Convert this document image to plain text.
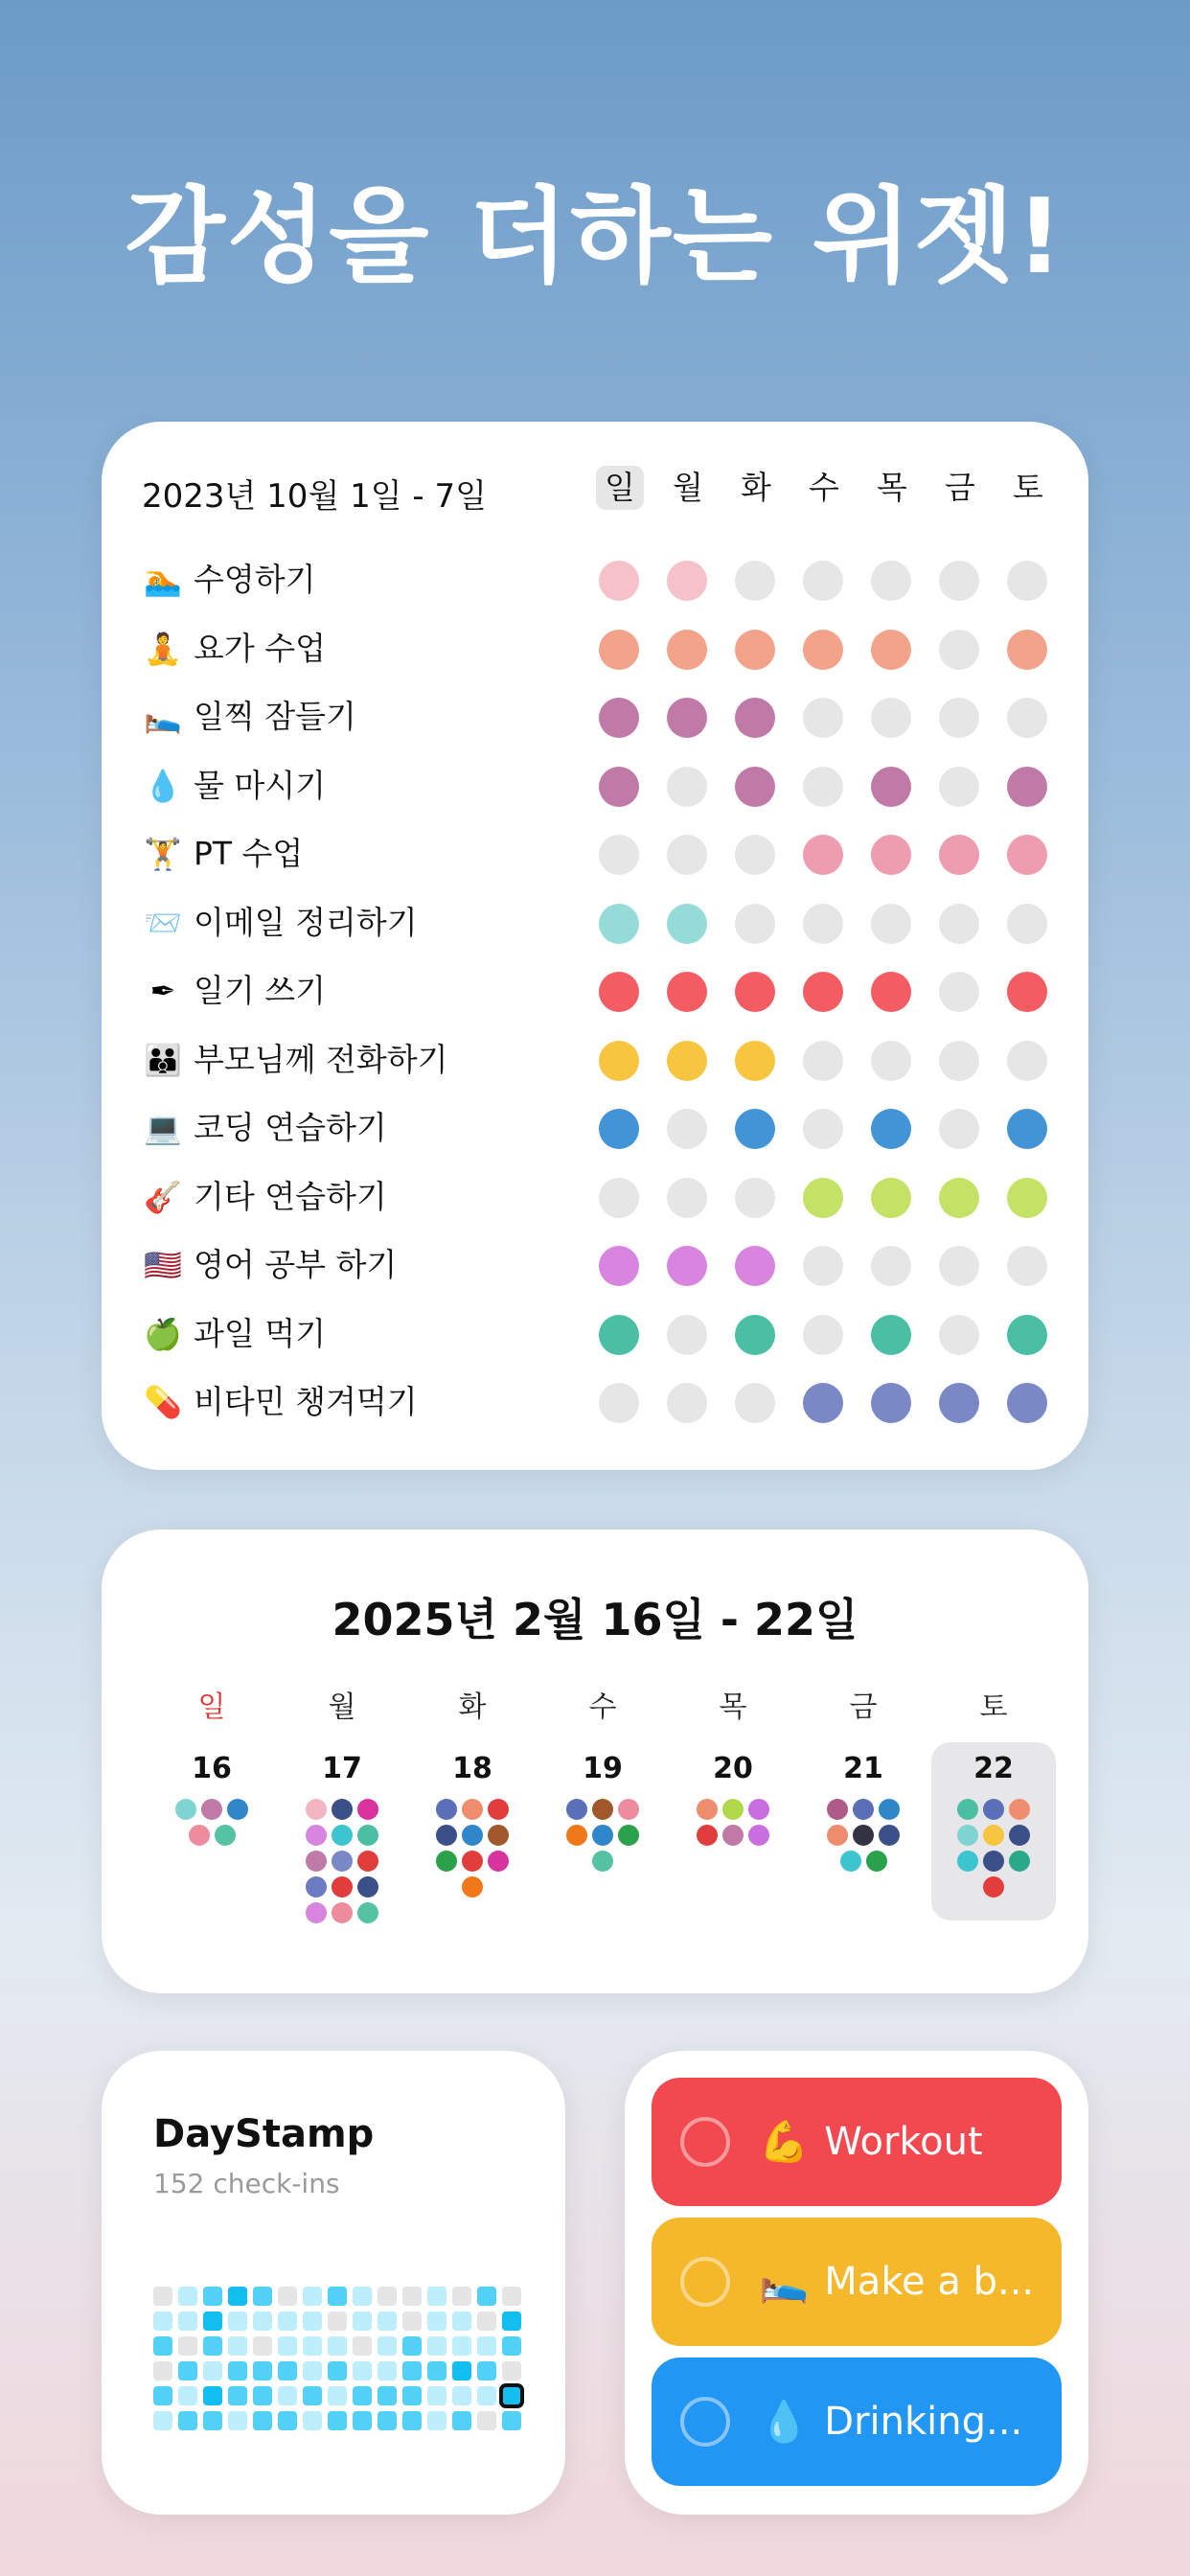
감성을 더하는 위젯!
2023년 10월 1일 - 7일	일 월 화 수 목 금 토
🏊 수영하기
🧘 요가 수업
🛌 일찍 잠들기
💧 물 마시기
🏋 PT 수업
📨 이메일 정리하기
✒ 일기 쓰기
👪 부모님께 전화하기
💻 코딩 연습하기
🎸 기타 연습하기
🇺🇸 영어 공부 하기
🍏 과일 먹기
💊 비타민 챙겨먹기
2025년 2월 16일 - 22일
일	월	화	수	목	금	토
16	17	18	19	20	21	22
DayStamp
152 check-ins
💪 Workout
🛌 Make a b...
💧 Drinking...
